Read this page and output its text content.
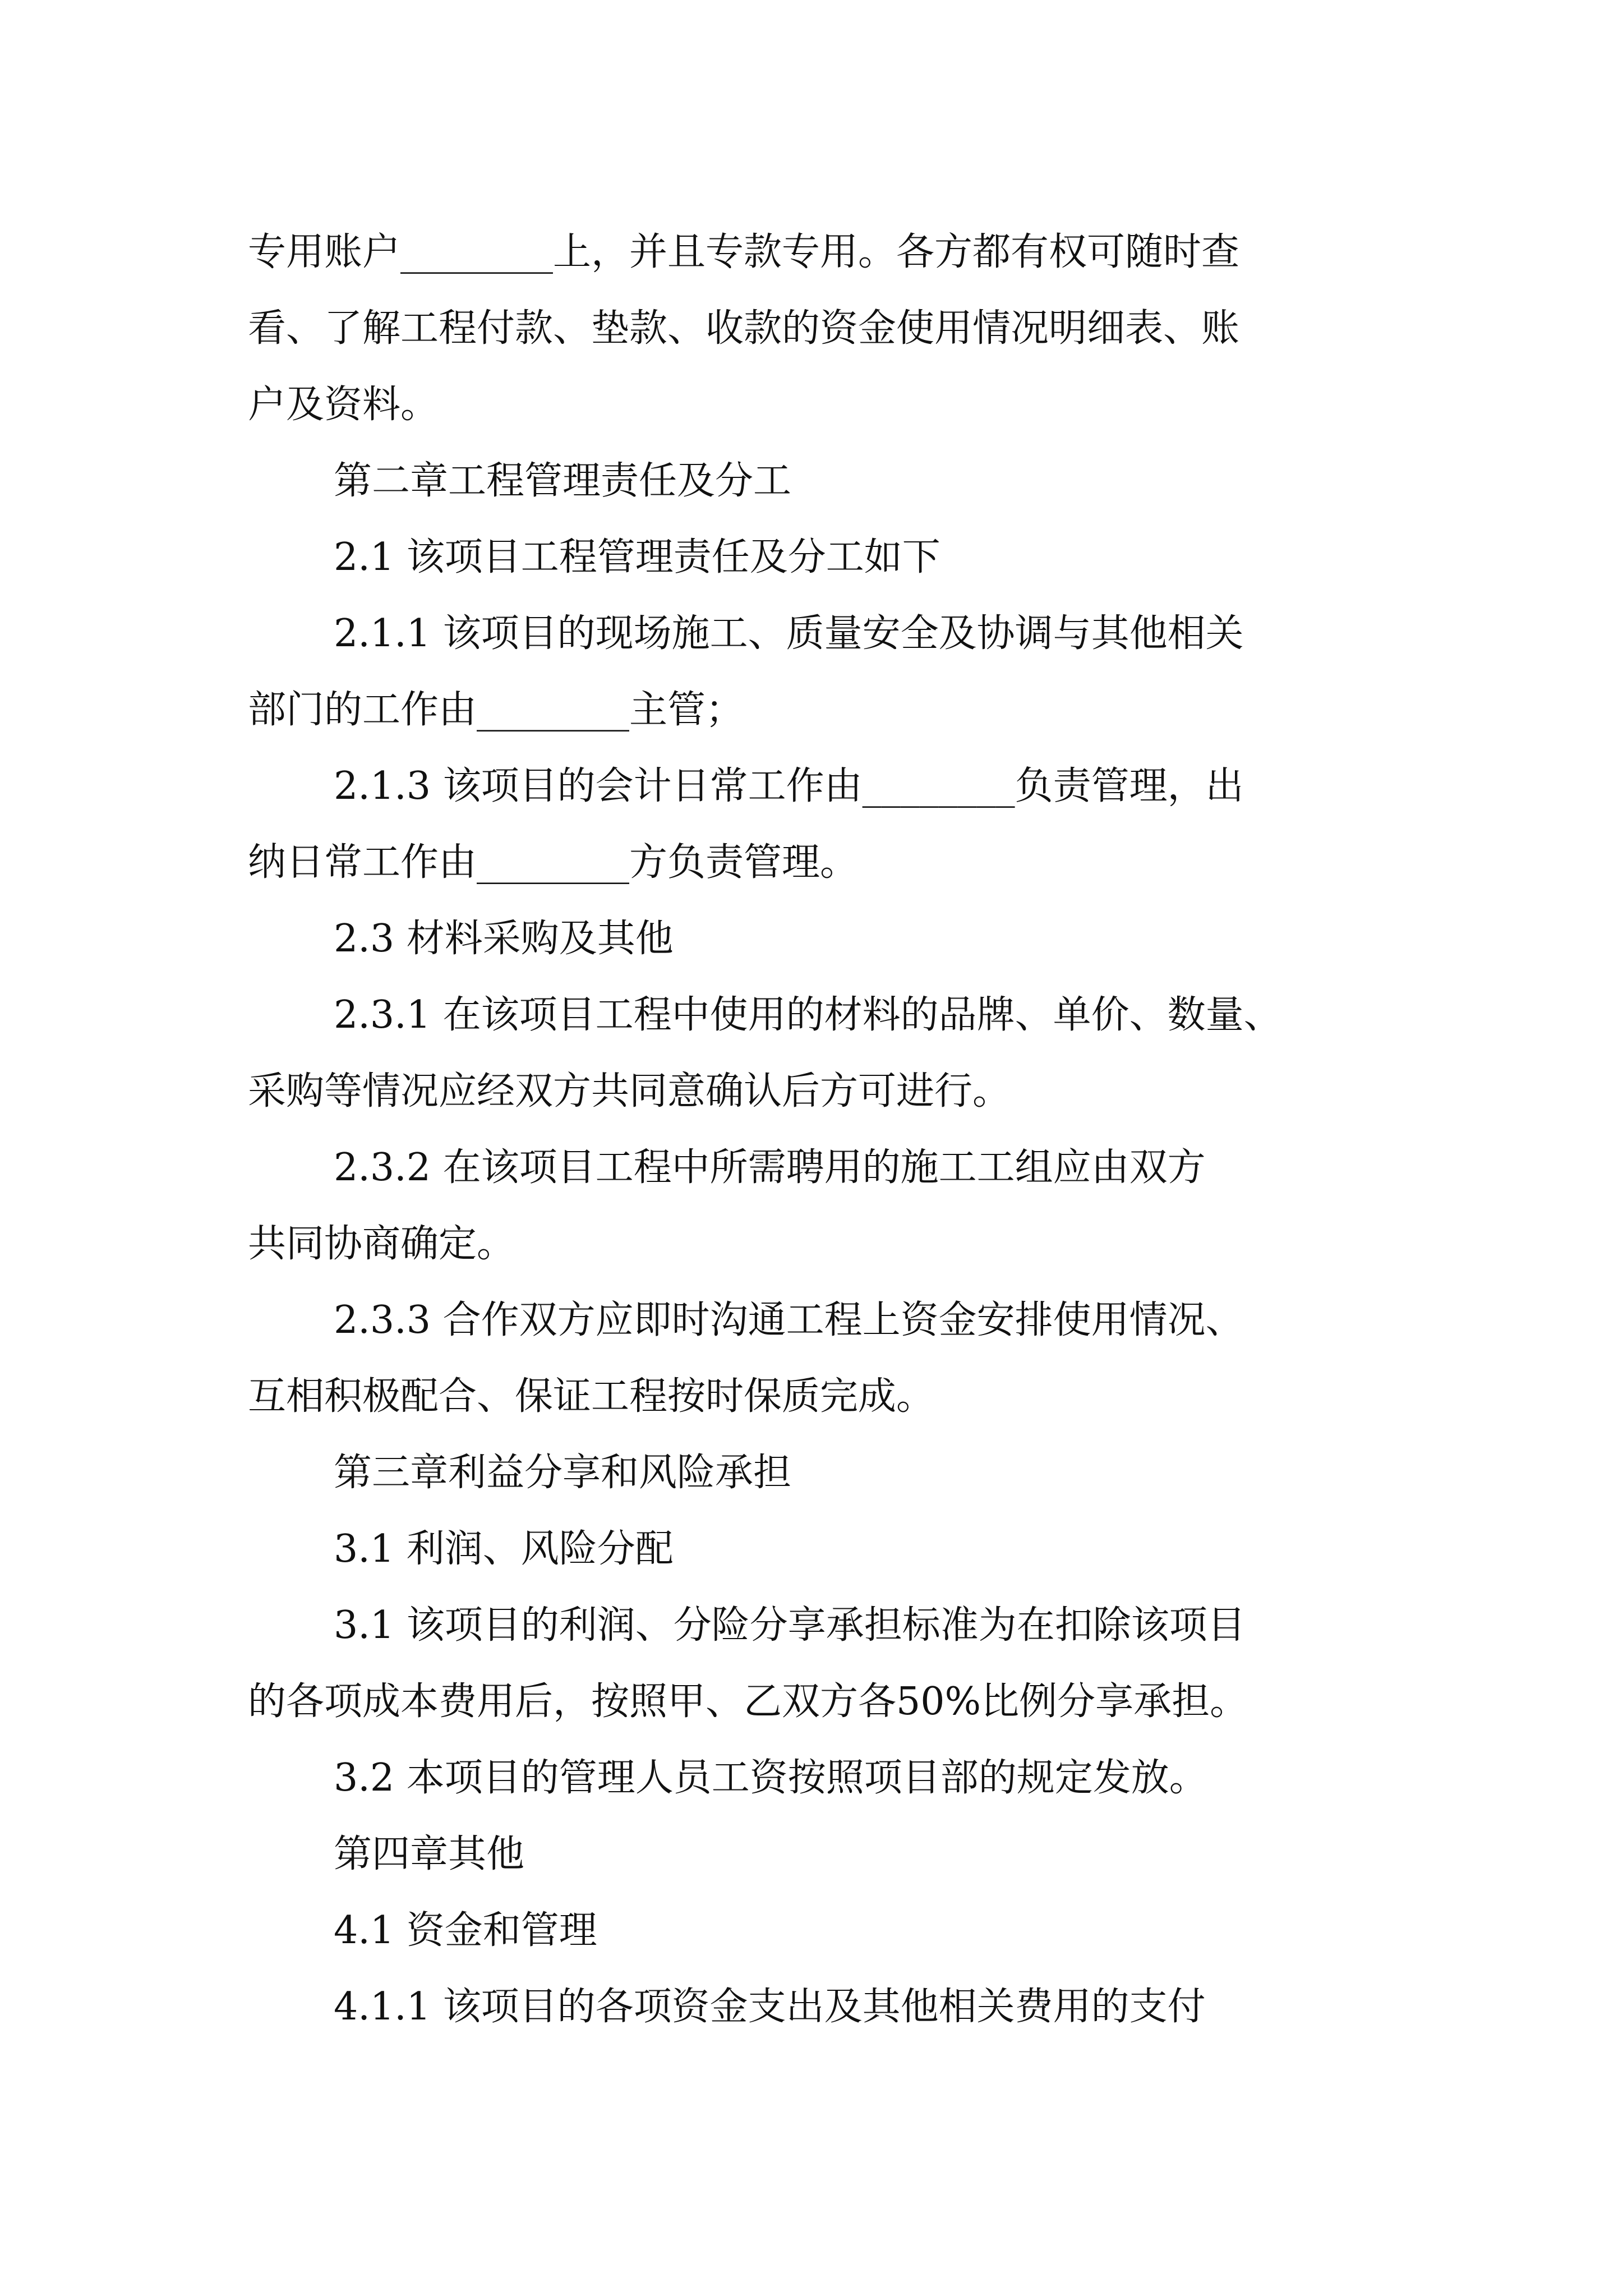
专用账户________上，并且专款专用。各方都有权可随时查
看、了解工程付款、垫款、收款的资金使用情况明细表、账
户及资料。
第二章工程管理责任及分工
2.1 该项目工程管理责任及分工如下
2.1.1 该项目的现场施工、质量安全及协调与其他相关
部门的工作由________主管；
2.1.3 该项目的会计日常工作由________负责管理，出
纳日常工作由________方负责管理。
2.3 材料采购及其他
2.3.1 在该项目工程中使用的材料的品牌、单价、数量、
采购等情况应经双方共同意确认后方可进行。
2.3.2 在该项目工程中所需聘用的施工工组应由双方
共同协商确定。
2.3.3 合作双方应即时沟通工程上资金安排使用情况、
互相积极配合、保证工程按时保质完成。
第三章利益分享和风险承担
3.1 利润、风险分配
3.1 该项目的利润、分险分享承担标准为在扣除该项目
的各项成本费用后，按照甲、乙双方各50%比例分享承担。
3.2 本项目的管理人员工资按照项目部的规定发放。
第四章其他
4.1 资金和管理
4.1.1 该项目的各项资金支出及其他相关费用的支付
